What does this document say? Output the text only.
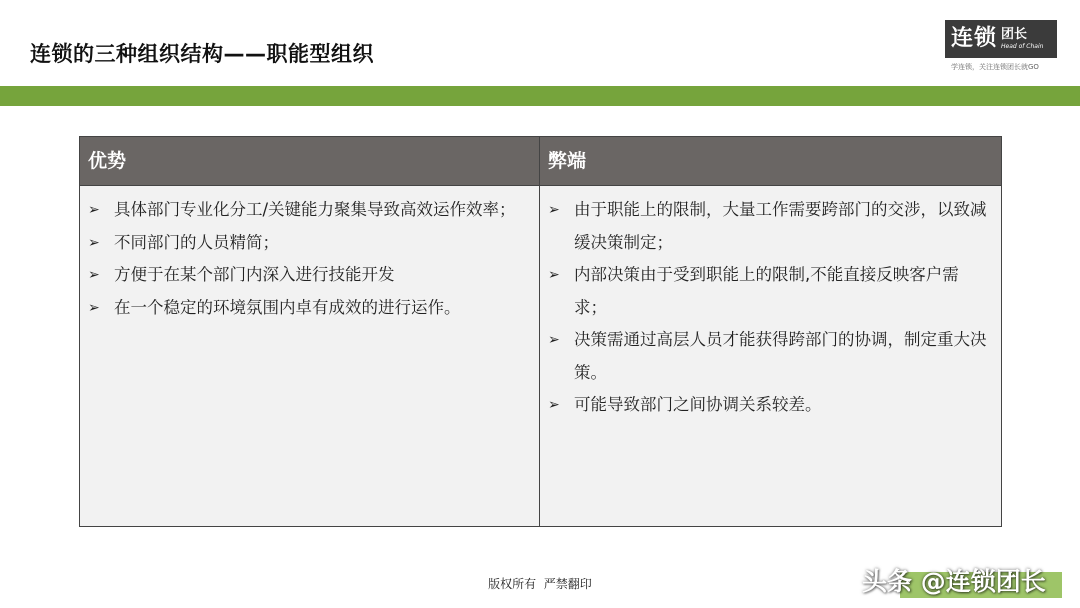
连锁的三种组织结构——职能型组织
连锁 团长
Head of Chain
学连锁，关注连锁团长就GO
优势	弊端
➢ 具体部门专业化分工/关键能力聚集导致高效运作效率；
➢ 不同部门的人员精简；
➢ 方便于在某个部门内深入进行技能开发
➢ 在一个稳定的环境氛围内卓有成效的进行运作。
➢ 由于职能上的限制，大量工作需要跨部门的交涉，以致减缓决策制定；
➢ 内部决策由于受到职能上的限制,不能直接反映客户需求；
➢ 决策需通过高层人员才能获得跨部门的协调，制定重大决策。
➢ 可能导致部门之间协调关系较差。
版权所有  严禁翻印	头条 @连锁团长
